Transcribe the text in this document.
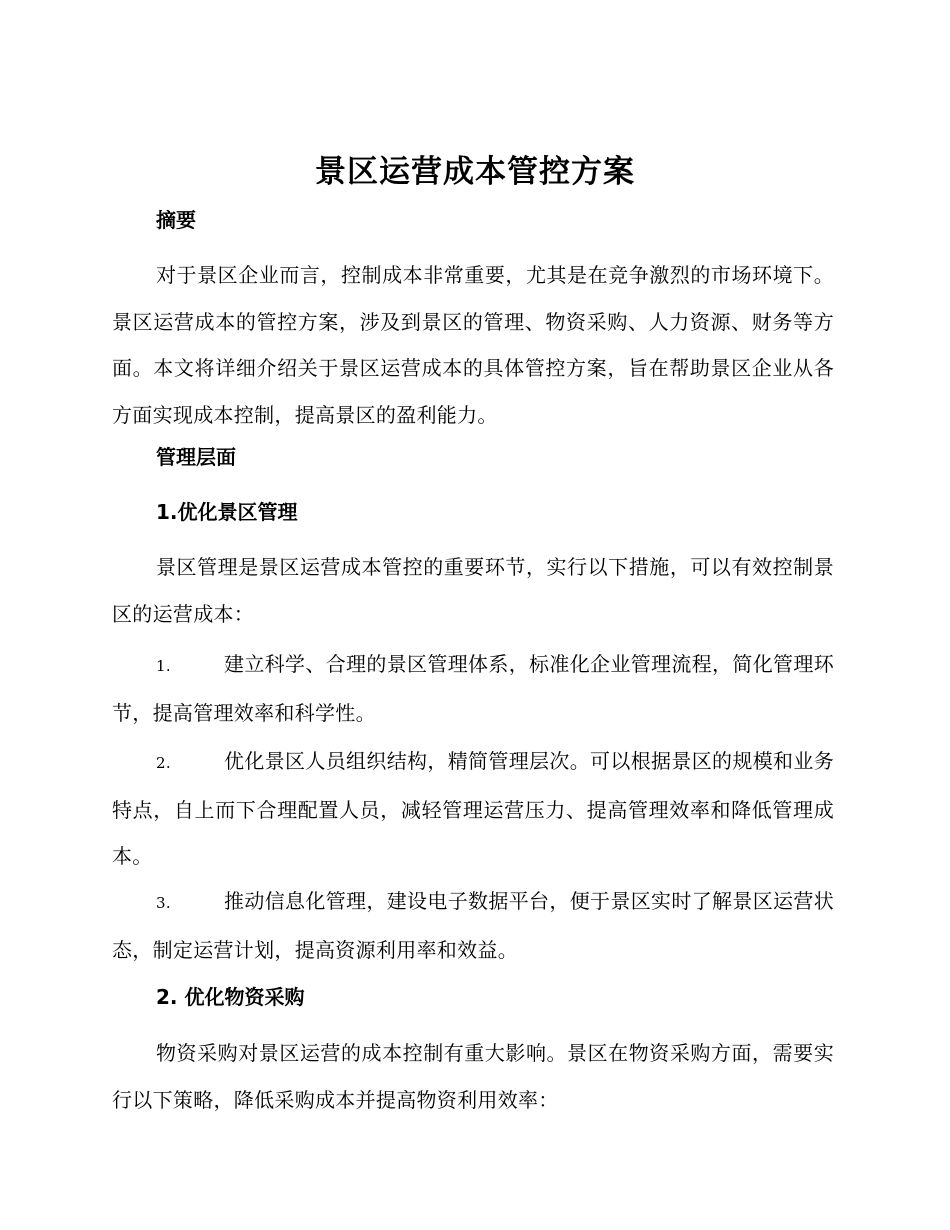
景区运营成本管控方案
摘要
对于景区企业而言，控制成本非常重要，尤其是在竞争激烈的市场环境下。景区运营成本的管控方案，涉及到景区的管理、物资采购、人力资源、财务等方面。本文将详细介绍关于景区运营成本的具体管控方案，旨在帮助景区企业从各方面实现成本控制，提高景区的盈利能力。
管理层面
1.优化景区管理
景区管理是景区运营成本管控的重要环节，实行以下措施，可以有效控制景区的运营成本：
1.	建立科学、合理的景区管理体系，标准化企业管理流程，简化管理环节，提高管理效率和科学性。
2.	优化景区人员组织结构，精简管理层次。可以根据景区的规模和业务特点，自上而下合理配置人员，减轻管理运营压力、提高管理效率和降低管理成本。
3.	推动信息化管理，建设电子数据平台，便于景区实时了解景区运营状态，制定运营计划，提高资源利用率和效益。
2. 优化物资采购
物资采购对景区运营的成本控制有重大影响。景区在物资采购方面，需要实行以下策略，降低采购成本并提高物资利用效率：
